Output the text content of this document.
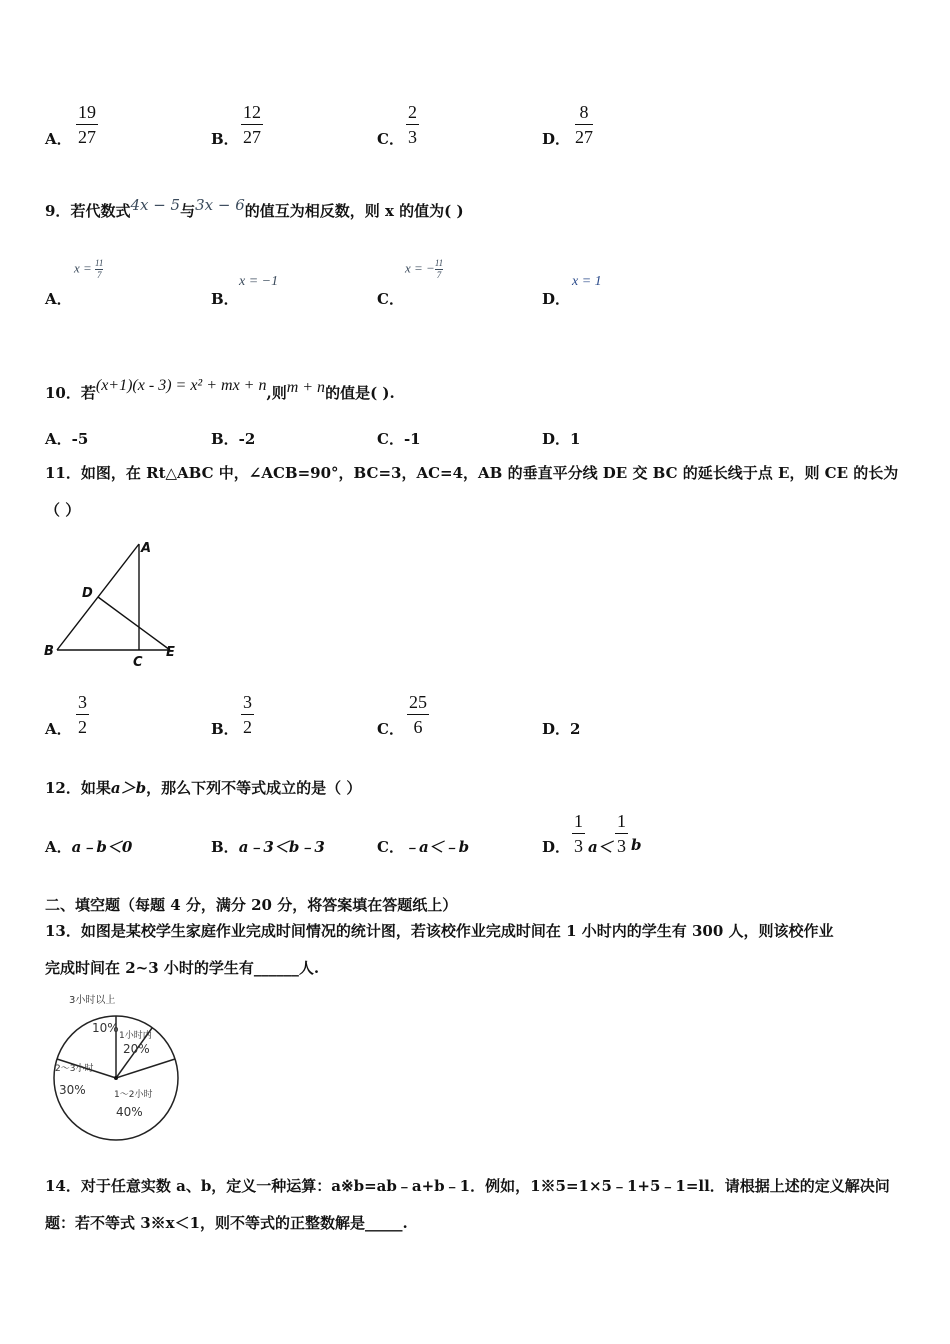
A．
19
27	B．
12
27	C．
2
3	D．
8
27
9．若代数式4x − 5与3x − 6的值互为相反数，则 x 的值为( )
A．
$x = \frac{11}{7}$
B．
x = −1
C．
x = − $\frac{11}{7}$
D．
x = 1
10．若(x+1)(x - 3) = x² + mx + n,则m + n的值是( ).
A．-5	B．-2	C．-1	D．1
11．如图，在 Rt△ABC 中，∠ACB=90°，BC=3，AC=4，AB 的垂直平分线 DE 交 BC 的延长线于点 E，则 CE 的长为
（ ）
A
D
B
C
E
A．
3
2	B．
3
2	C．
25
6	D．2
12．如果a＞b，那么下列不等式成立的是（ ）
A．a﹣b＜0	B．a﹣3＜b﹣3	C．﹣a＜﹣b	D．
1
3 a＜
1
3 b
二、填空题（每题 4 分，满分 20 分，将答案填在答题纸上）
13．如图是某校学生家庭作业完成时间情况的统计图，若该校作业完成时间在 1 小时内的学生有 300 人，则该校作业
完成时间在 2~3 小时的学生有______人.
3小时以上
10%
1小时内
20%
1～2小时
40%
2～3小时
30%
14．对于任意实数 a、b，定义一种运算：a※b=ab﹣a+b﹣1．例如，1※5=1×5﹣1+5﹣1=ll．请根据上述的定义解决问
题：若不等式 3※x＜1，则不等式的正整数解是_____.
